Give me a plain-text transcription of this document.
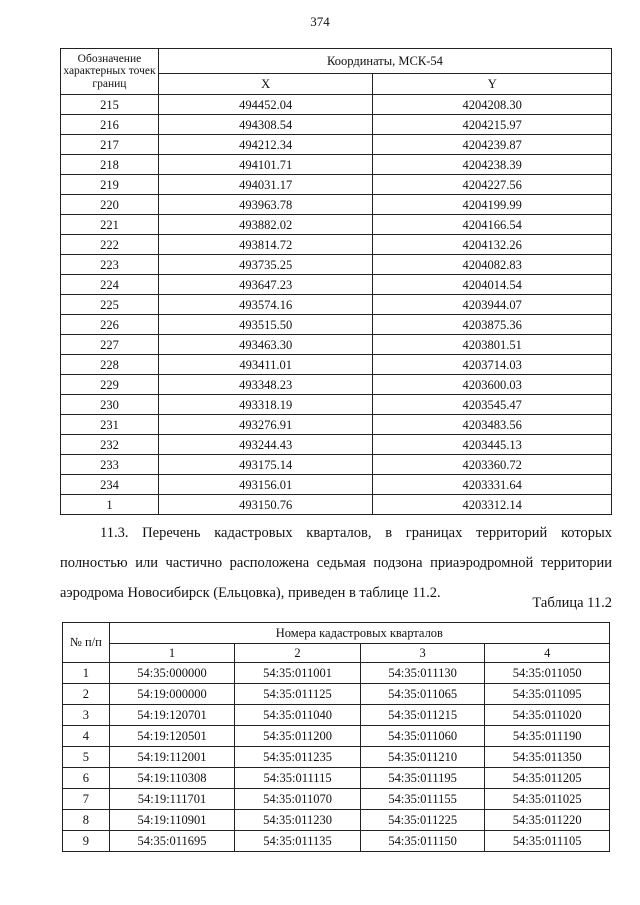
374
Обозначение характерных точек границ	Координаты, МСК-54	
	X	Y
215	494452.04	4204208.30
216	494308.54	4204215.97
217	494212.34	4204239.87
218	494101.71	4204238.39
219	494031.17	4204227.56
220	493963.78	4204199.99
221	493882.02	4204166.54
222	493814.72	4204132.26
223	493735.25	4204082.83
224	493647.23	4204014.54
225	493574.16	4203944.07
226	493515.50	4203875.36
227	493463.30	4203801.51
228	493411.01	4203714.03
229	493348.23	4203600.03
230	493318.19	4203545.47
231	493276.91	4203483.56
232	493244.43	4203445.13
233	493175.14	4203360.72
234	493156.01	4203331.64
1	493150.76	4203312.14
11.3. Перечень кадастровых кварталов, в границах территорий которых полностью или частично расположена седьмая подзона приаэродромной территории аэродрома Новосибирск (Ельцовка), приведен в таблице 11.2.
Таблица 11.2
№ п/п	Номера кадастровых кварталов			
	1	2	3	4
1	54:35:000000	54:35:011001	54:35:011130	54:35:011050
2	54:19:000000	54:35:011125	54:35:011065	54:35:011095
3	54:19:120701	54:35:011040	54:35:011215	54:35:011020
4	54:19:120501	54:35:011200	54:35:011060	54:35:011190
5	54:19:112001	54:35:011235	54:35:011210	54:35:011350
6	54:19:110308	54:35:011115	54:35:011195	54:35:011205
7	54:19:111701	54:35:011070	54:35:011155	54:35:011025
8	54:19:110901	54:35:011230	54:35:011225	54:35:011220
9	54:35:011695	54:35:011135	54:35:011150	54:35:011105
